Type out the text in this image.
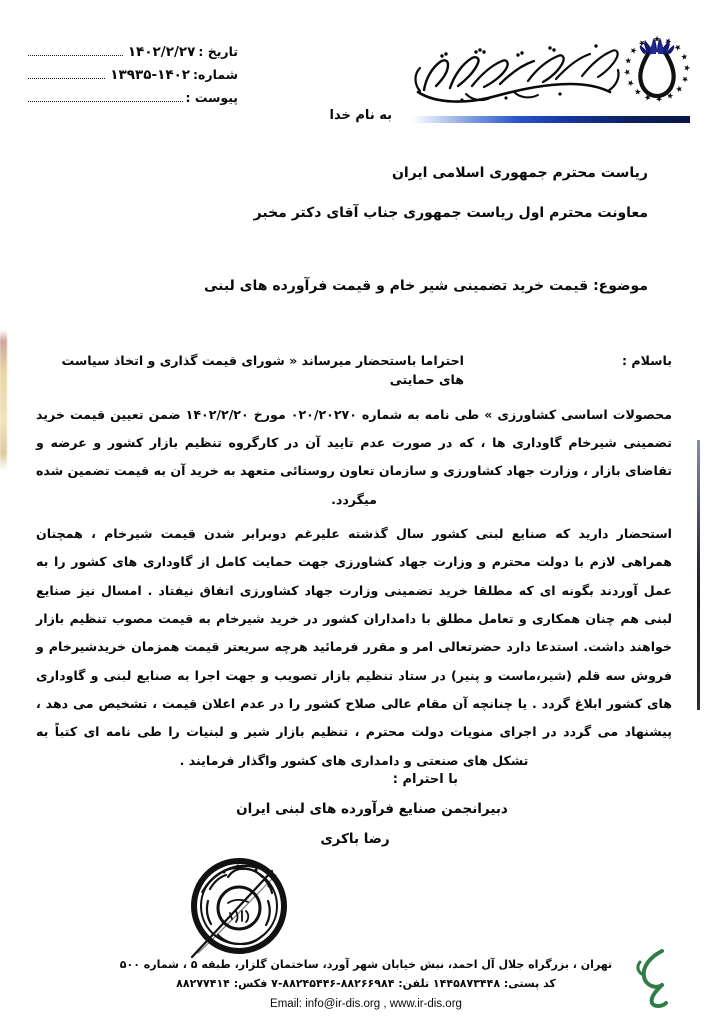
تاریخ :
۱۴۰۲/۲/۲۷
شماره:
۱۳۹۳۵-۱۴۰۲
پیوست :
به نام خدا
ریاست محترم جمهوری اسلامی ایران
معاونت محترم اول ریاست جمهوری جناب آقای دکتر مخبر
موضوع: قیمت خرید تضمینی شیر خام و قیمت فرآورده های لبنی
باسلام :
احتراما باستحضار میرساند « شورای قیمت گذاری و اتخاذ سیاست های حمایتی
محصولات اساسی کشاورزی » طی نامه به شماره ۰۲۰/۲۰۲۷۰ مورخ ۱۴۰۲/۲/۲۰ ضمن تعیین قیمت خرید تضمینی شیرخام گاوداری ها ، که در صورت عدم تایید آن در کارگروه تنظیم بازار کشور و عرضه و تقاضای بازار ، وزارت جهاد کشاورزی و سازمان تعاون روستائی متعهد به خرید آن به قیمت تضمین شده میگردد.
استحضار دارید که صنایع لبنی کشور سال گذشته علیرغم دوبرابر شدن قیمت شیرخام ، همچنان همراهی لازم با دولت محترم و وزارت جهاد کشاورزی جهت حمایت کامل از گاوداری های کشور را به عمل آوردند بگونه ای که مطلقا خرید تضمینی وزارت جهاد کشاورزی اتفاق نیفتاد . امسال نیز صنایع لبنی هم چنان همکاری و تعامل مطلق با دامداران کشور در خرید شیرخام به قیمت مصوب تنظیم بازار خواهند داشت. استدعا دارد حضرتعالی امر و مقرر فرمائید هرچه سریعتر قیمت همزمان خریدشیرخام و فروش سه قلم (شیر،ماست و پنیر) در ستاد تنظیم بازار تصویب و جهت اجرا به صنایع لبنی و گاوداری های کشور ابلاغ گردد . یا چنانچه آن مقام عالی صلاح کشور را در عدم اعلان قیمت ، تشخیص می دهد ، پیشنهاد می گردد در اجرای منویات دولت محترم ، تنظیم بازار شیر و لبنیات را طی نامه ای کتباً به تشکل های صنعتی و دامداری های کشور واگذار فرمایند .
با احترام :
دبیرانجمن صنایع فرآورده های لبنی ایران
رضا باکری
تهران ، بزرگراه جلال آل احمد، نبش خیابان شهر آورد، ساختمان گلزار، طبقه ۵ ، شماره ۵۰۰
کد پستی: ۱۴۴۵۸۷۳۴۴۸ تلفن: ۸۸۲۶۶۹۸۴-۸۸۲۴۵۴۴۶-۷ فکس: ۸۸۲۷۷۴۱۴
Email: info@ir-dis.org , www.ir-dis.org
